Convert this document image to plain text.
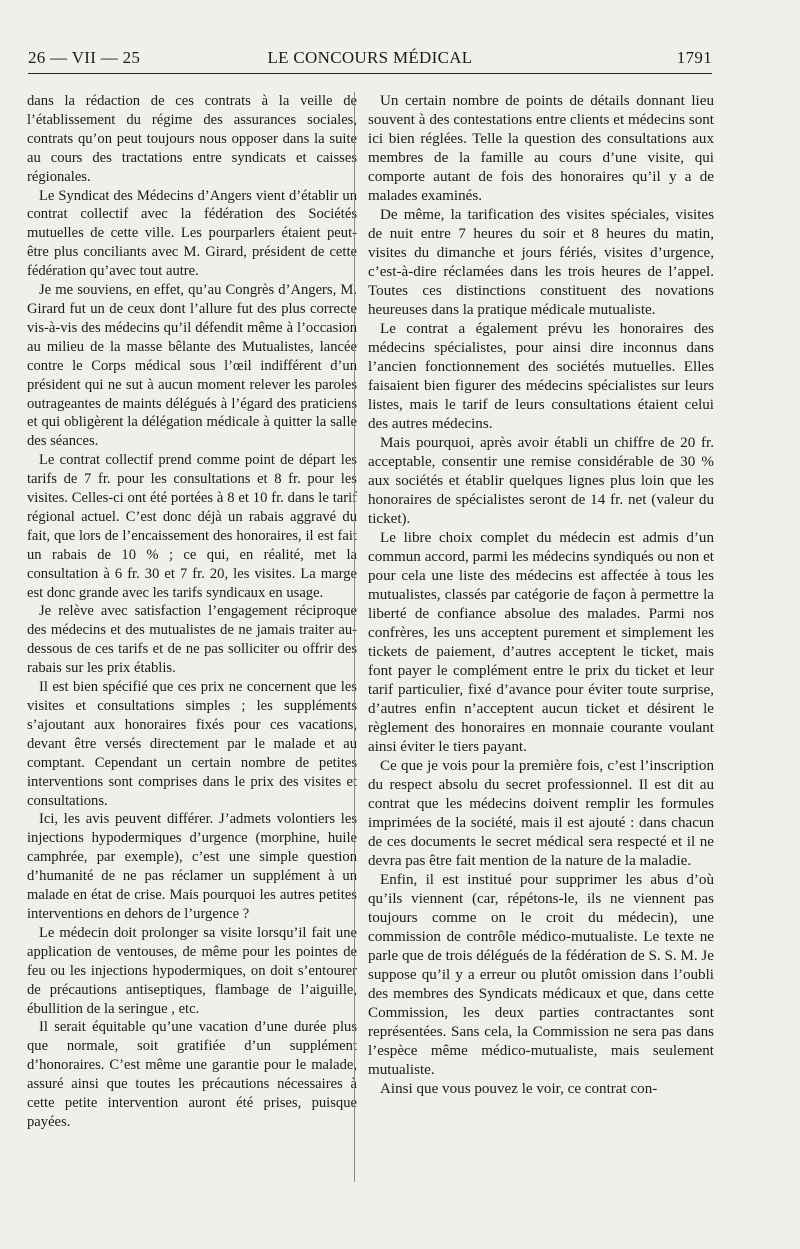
26 — VII — 25	LE CONCOURS MÉDICAL	1791

dans la rédaction de ces contrats à la veille de l’établissement du régime des assurances sociales, contrats qu’on peut toujours nous opposer dans la suite au cours des tractations entre syndicats et caisses régionales.

Le Syndicat des Médecins d’Angers vient d’établir un contrat collectif avec la fédération des Sociétés mutuelles de cette ville. Les pourparlers étaient peut-être plus conciliants avec M. Girard, président de cette fédération qu’avec tout autre.

Je me souviens, en effet, qu’au Congrès d’Angers, M. Girard fut un de ceux dont l’allure fut des plus correcte vis-à-vis des médecins qu’il défendit même à l’occasion au milieu de la masse bêlante des Mutualistes, lancée contre le Corps médical sous l’œil indifférent d’un président qui ne sut à aucun moment relever les paroles outrageantes de maints délégués à l’égard des praticiens et qui obligèrent la délégation médicale à quitter la salle des séances.

Le contrat collectif prend comme point de départ les tarifs de 7 fr. pour les consultations et 8 fr. pour les visites. Celles-ci ont été portées à 8 et 10 fr. dans le tarif régional actuel. C’est donc déjà un rabais aggravé du fait, que lors de l’encaissement des honoraires, il est fait un rabais de 10 % ; ce qui, en réalité, met la consultation à 6 fr. 30 et 7 fr. 20, les visites. La marge est donc grande avec les tarifs syndicaux en usage.

Je relève avec satisfaction l’engagement réciproque des médecins et des mutualistes de ne jamais traiter au-dessous de ces tarifs et de ne pas solliciter ou offrir des rabais sur les prix établis.

Il est bien spécifié que ces prix ne concernent que les visites et consultations simples ; les suppléments s’ajoutant aux honoraires fixés pour ces vacations, devant être versés directement par le malade et au comptant. Cependant un certain nombre de petites interventions sont comprises dans le prix des visites et consultations.

Ici, les avis peuvent différer. J’admets volontiers les injections hypodermiques d’urgence (morphine, huile camphrée, par exemple), c’est une simple question d’humanité de ne pas réclamer un supplément à un malade en état de crise. Mais pourquoi les autres petites interventions en dehors de l’urgence ?

Le médecin doit prolonger sa visite lorsqu’il fait une application de ventouses, de même pour les pointes de feu ou les injections hypodermiques, on doit s’entourer de précautions antiseptiques, flambage de l’aiguille, ébullition de la seringue , etc.

Il serait équitable qu’une vacation d’une durée plus que normale, soit gratifiée d’un supplément d’honoraires. C’est même une garantie pour le malade, assuré ainsi que toutes les précautions nécessaires à cette petite intervention auront été prises, puisque payées.

Un certain nombre de points de détails donnant lieu souvent à des contestations entre clients et médecins sont ici bien réglées. Telle la question des consultations aux membres de la famille au cours d’une visite, qui comporte autant de fois des honoraires qu’il y a de malades examinés.

De même, la tarification des visites spéciales, visites de nuit entre 7 heures du soir et 8 heures du matin, visites du dimanche et jours fériés, visites d’urgence, c’est-à-dire réclamées dans les trois heures de l’appel. Toutes ces distinctions constituent des novations heureuses dans la pratique médicale mutualiste.

Le contrat a également prévu les honoraires des médecins spécialistes, pour ainsi dire inconnus dans l’ancien fonctionnement des sociétés mutuelles. Elles faisaient bien figurer des médecins spécialistes sur leurs listes, mais le tarif de leurs consultations étaient celui des autres médecins.

Mais pourquoi, après avoir établi un chiffre de 20 fr. acceptable, consentir une remise considérable de 30 % aux sociétés et établir quelques lignes plus loin que les honoraires de spécialistes seront de 14 fr. net (valeur du ticket).

Le libre choix complet du médecin est admis d’un commun accord, parmi les médecins syndiqués ou non et pour cela une liste des médecins est affectée à tous les mutualistes, classés par catégorie de façon à permettre la liberté de confiance absolue des malades. Parmi nos confrères, les uns acceptent purement et simplement les tickets de paiement, d’autres acceptent le ticket, mais font payer le complément entre le prix du ticket et leur tarif particulier, fixé d’avance pour éviter toute surprise, d’autres enfin n’acceptent aucun ticket et désirent le règlement des honoraires en monnaie courante voulant ainsi éviter le tiers payant.

Ce que je vois pour la première fois, c’est l’inscription du respect absolu du secret professionnel. Il est dit au contrat que les médecins doivent remplir les formules imprimées de la société, mais il est ajouté : dans chacun de ces documents le secret médical sera respecté et il ne devra pas être fait mention de la nature de la maladie.

Enfin, il est institué pour supprimer les abus d’où qu’ils viennent (car, répétons-le, ils ne viennent pas toujours comme on le croit du médecin), une commission de contrôle médico-mutualiste. Le texte ne parle que de trois délégués de la fédération de S. S. M. Je suppose qu’il y a erreur ou plutôt omission dans l’oubli des membres des Syndicats médicaux et que, dans cette Commission, les deux parties contractantes sont représentées. Sans cela, la Commission ne sera pas dans l’espèce même médico-mutualiste, mais seulement mutualiste.

Ainsi que vous pouvez le voir, ce contrat con-
